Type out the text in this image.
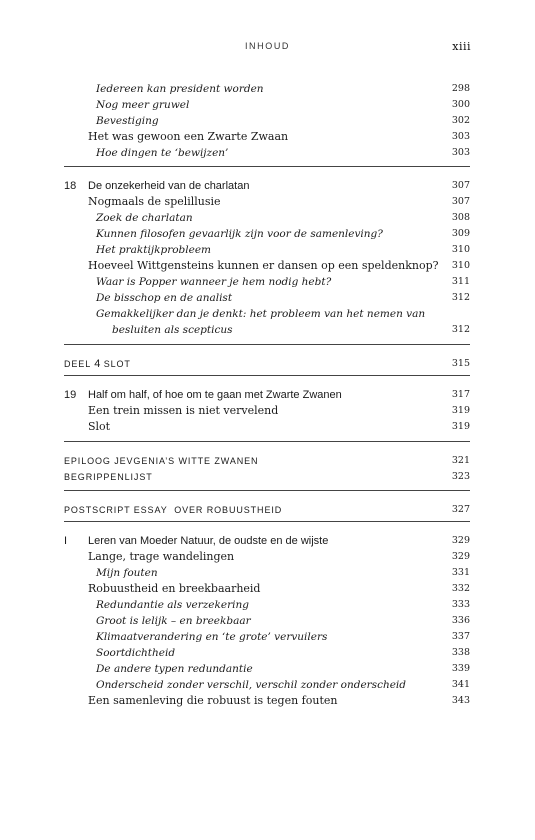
INHOUD	xiii
Iedereen kan president worden	298
Nog meer gruwel	300
Bevestiging	302
Het was gewoon een Zwarte Zwaan	303
Hoe dingen te ‘bewijzen’	303
18 De onzekerheid van de charlatan	307
Nogmaals de spelillusie	307
Zoek de charlatan	308
Kunnen filosofen gevaarlijk zijn voor de samenleving?	309
Het praktijkprobleem	310
Hoeveel Wittgensteins kunnen er dansen op een speldenknop? 310
Waar is Popper wanneer je hem nodig hebt?	311
De bisschop en de analist	312
Gemakkelijker dan je denkt: het probleem van het nemen van
besluiten als scepticus	312
DEEL 4 SLOT	315
19 Half om half, of hoe om te gaan met Zwarte Zwanen	317
Een trein missen is niet vervelend	319
Slot	319
EPILOOG JEVGENIA’S WITTE ZWANEN	321
BEGRIPPENLIJST	323
POSTSCRIPT ESSAY  OVER ROBUUSTHEID	327
I Leren van Moeder Natuur, de oudste en de wijste	329
Lange, trage wandelingen	329
Mijn fouten	331
Robuustheid en breekbaarheid	332
Redundantie als verzekering	333
Groot is lelijk – en breekbaar	336
Klimaatverandering en ‘te grote’ vervuilers	337
Soortdichtheid	338
De andere typen redundantie	339
Onderscheid zonder verschil, verschil zonder onderscheid	341
Een samenleving die robuust is tegen fouten	343
